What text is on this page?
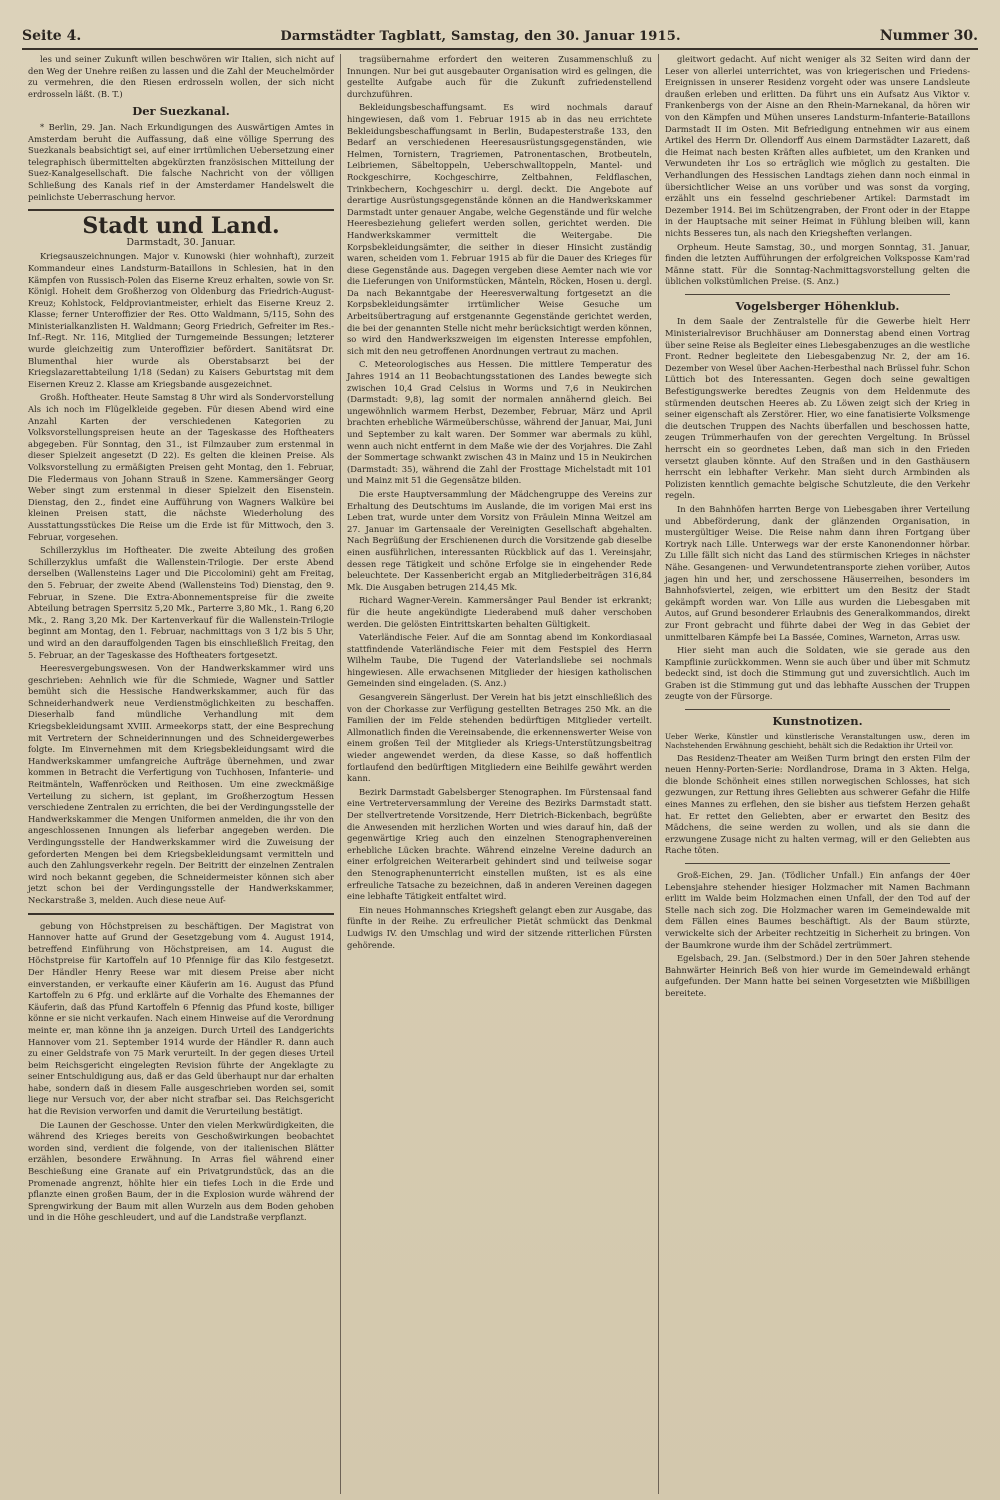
Seite 4.	Darmstädter Tagblatt, Samstag, den 30. Januar 1915.	Nummer 30.

les und seiner Zukunft willen beschwören wir Italien, sich nicht auf den Weg der Unehre reißen zu lassen und die Zahl der Meuchelmörder zu vermehren, die den Riesen erdrosseln wollen, der sich nicht erdrosseln läßt. (B. T.)

Der Suezkanal.

* Berlin, 29. Jan. Nach Erkundigungen des Auswärtigen Amtes in Amsterdam beruht die Auffassung, daß eine völlige Sperrung des Suezkanals beabsichtigt sei, auf einer irrtümlichen Uebersetzung einer telegraphisch übermittelten abgekürzten französischen Mitteilung der Suez-Kanalgesellschaft. Die falsche Nachricht von der völligen Schließung des Kanals rief in der Amsterdamer Handelswelt die peinlichste Ueberraschung hervor.

Stadt und Land.
Darmstadt, 30. Januar.

Kriegsauszeichnungen. Major v. Kunowski (hier wohnhaft), zurzeit Kommandeur eines Landsturm-Bataillons in Schlesien, hat in den Kämpfen von Russisch-Polen das Eiserne Kreuz erhalten, sowie von Sr. Königl. Hoheit dem Großherzog von Oldenburg das Friedrich-August-Kreuz; Kohlstock, Feldproviantmeister, erhielt das Eiserne Kreuz 2. Klasse; ferner Unteroffizier der Res. Otto Waldmann, 5/115, Sohn des Ministerialkanzlisten H. Waldmann; Georg Friedrich, Gefreiter im Res.-Inf.-Regt. Nr. 116, Mitglied der Turngemeinde Bessungen; letzterer wurde gleichzeitig zum Unteroffizier befördert. Sanitätsrat Dr. Blumenthal hier wurde als Oberstabsarzt bei der Kriegslazarettabteilung 1/18 (Sedan) zu Kaisers Geburtstag mit dem Eisernen Kreuz 2. Klasse am Kriegsbande ausgezeichnet.

Großh. Hoftheater. Heute Samstag 8 Uhr wird als Sondervorstellung Als ich noch im Flügelkleide gegeben. Für diesen Abend wird eine Anzahl Karten der verschiedenen Kategorien zu Volksvorstellungspreisen heute an der Tageskasse des Hoftheaters abgegeben. Für Sonntag, den 31., ist Filmzauber zum erstenmal in dieser Spielzeit angesetzt (D 22). Es gelten die kleinen Preise. Als Volksvorstellung zu ermäßigten Preisen geht Montag, den 1. Februar, Die Fledermaus von Johann Strauß in Szene. Kammersänger Georg Weber singt zum erstenmal in dieser Spielzeit den Eisenstein. Dienstag, den 2., findet eine Aufführung von Wagners Walküre bei kleinen Preisen statt, die nächste Wiederholung des Ausstattungsstückes Die Reise um die Erde ist für Mittwoch, den 3. Februar, vorgesehen.

Schillerzyklus im Hoftheater. Die zweite Abteilung des großen Schillerzyklus umfaßt die Wallenstein-Trilogie. Der erste Abend derselben (Wallensteins Lager und Die Piccolomini) geht am Freitag, den 5. Februar, der zweite Abend (Wallensteins Tod) Dienstag, den 9. Februar, in Szene. Die Extra-Abonnementspreise für die zweite Abteilung betragen Sperrsitz 5,20 Mk., Parterre 3,80 Mk., 1. Rang 6,20 Mk., 2. Rang 3,20 Mk. Der Kartenverkauf für die Wallenstein-Trilogie beginnt am Montag, den 1. Februar, nachmittags von 3 1/2 bis 5 Uhr, und wird an den darauffolgenden Tagen bis einschließlich Freitag, den 5. Februar, an der Tageskasse des Hoftheaters fortgesetzt.

Heeresvergebungswesen. Von der Handwerkskammer wird uns geschrieben: Aehnlich wie für die Schmiede, Wagner und Sattler bemüht sich die Hessische Handwerkskammer, auch für das Schneiderhandwerk neue Verdienstmöglichkeiten zu beschaffen. Dieserhalb fand mündliche Verhandlung mit dem Kriegsbekleidungsamt XVIII. Armeekorps statt, der eine Besprechung mit Vertretern der Schneiderinnungen und des Schneidergewerbes folgte. Im Einvernehmen mit dem Kriegsbekleidungsamt wird die Handwerkskammer umfangreiche Aufträge übernehmen, und zwar kommen in Betracht die Verfertigung von Tuchhosen, Infanterie- und Reitmänteln, Waffenröcken und Reithosen. Um eine zweckmäßige Verteilung zu sichern, ist geplant, im Großherzogtum Hessen verschiedene Zentralen zu errichten, die bei der Verdingungsstelle der Handwerkskammer die Mengen Uniformen anmelden, die ihr von den angeschlossenen Innungen als lieferbar angegeben werden. Die Verdingungsstelle der Handwerkskammer wird die Zuweisung der geforderten Mengen bei dem Kriegsbekleidungsamt vermitteln und auch den Zahlungsverkehr regeln. Der Beitritt der einzelnen Zentralen wird noch bekannt gegeben, die Schneidermeister können sich aber jetzt schon bei der Verdingungsstelle der Handwerkskammer, Neckarstraße 3, melden. Auch diese neue Auf-

gebung von Höchstpreisen zu beschäftigen. Der Magistrat von Hannover hatte auf Grund der Gesetzgebung vom 4. August 1914, betreffend Einführung von Höchstpreisen, am 14. August die Höchstpreise für Kartoffeln auf 10 Pfennige für das Kilo festgesetzt. Der Händler Henry Reese war mit diesem Preise aber nicht einverstanden, er verkaufte einer Käuferin am 16. August das Pfund Kartoffeln zu 6 Pfg. und erklärte auf die Vorhalte des Ehemannes der Käuferin, daß das Pfund Kartoffeln 6 Pfennig das Pfund koste, billiger könne er sie nicht verkaufen. Nach einem Hinweise auf die Verordnung meinte er, man könne ihn ja anzeigen. Durch Urteil des Landgerichts Hannover vom 21. September 1914 wurde der Händler R. dann auch zu einer Geldstrafe von 75 Mark verurteilt. In der gegen dieses Urteil beim Reichsgericht eingelegten Revision führte der Angeklagte zu seiner Entschuldigung aus, daß er das Geld überhaupt nur dar erhalten habe, sondern daß in diesem Falle ausgeschrieben worden sei, somit liege nur Versuch vor, der aber nicht strafbar sei. Das Reichsgericht hat die Revision verworfen und damit die Verurteilung bestätigt.

Die Launen der Geschosse. Unter den vielen Merkwürdigkeiten, die während des Krieges bereits von Geschoßwirkungen beobachtet worden sind, verdient die folgende, von der italienischen Blätter erzählen, besondere Erwähnung. In Arras fiel während einer Beschießung eine Granate auf ein Privatgrundstück, das an die Promenade angrenzt, höhlte hier ein tiefes Loch in die Erde und pflanzte einen großen Baum, der in die Explosion wurde während der Sprengwirkung der Baum mit allen Wurzeln aus dem Boden gehoben und in die Höhe geschleudert, und auf die Landstraße verpflanzt.

tragsübernahme erfordert den weiteren Zusammenschluß zu Innungen. Nur bei gut ausgebauter Organisation wird es gelingen, die gestellte Aufgabe auch für die Zukunft zufriedenstellend durchzuführen.

Bekleidungsbeschaffungsamt. Es wird nochmals darauf hingewiesen, daß vom 1. Februar 1915 ab in das neu errichtete Bekleidungsbeschaffungsamt in Berlin, Budapesterstraße 133, den Bedarf an verschiedenen Heeresausrüstungsgegenständen, wie Helmen, Tornistern, Tragriemen, Patronentaschen, Brotbeuteln, Leibriemen, Säbeltoppeln, Ueberschwalltoppeln, Mantel- und Rockgeschirre, Kochgeschirre, Zeltbahnen, Feldflaschen, Trinkbechern, Kochgeschirr u. dergl. deckt. Die Angebote auf derartige Ausrüstungsgegenstände können an die Handwerkskammer Darmstadt unter genauer Angabe, welche Gegenstände und für welche Heeresbeziehung geliefert werden sollen, gerichtet werden. Die Handwerkskammer vermittelt die Weitergabe. Die Korpsbekleidungsämter, die seither in dieser Hinsicht zuständig waren, scheiden vom 1. Februar 1915 ab für die Dauer des Krieges für diese Gegenstände aus. Dagegen vergeben diese Aemter nach wie vor die Lieferungen von Uniformstücken, Mänteln, Röcken, Hosen u. dergl. Da nach Bekanntgabe der Heeresverwaltung fortgesetzt an die Korpsbekleidungsämter irrtümlicher Weise Gesuche um Arbeitsübertragung auf erstgenannte Gegenstände gerichtet werden, die bei der genannten Stelle nicht mehr berücksichtigt werden können, so wird den Handwerkszweigen im eigensten Interesse empfohlen, sich mit den neu getroffenen Anordnungen vertraut zu machen.

C. Meteorologisches aus Hessen. Die mittlere Temperatur des Jahres 1914 an 11 Beobachtungsstationen des Landes bewegte sich zwischen 10,4 Grad Celsius in Worms und 7,6 in Neukirchen (Darmstadt: 9,8), lag somit der normalen annähernd gleich. Bei ungewöhnlich warmem Herbst, Dezember, Februar, März und April brachten erhebliche Wärmeüberschüsse, während der Januar, Mai, Juni und September zu kalt waren. Der Sommer war abermals zu kühl, wenn auch nicht entfernt in dem Maße wie der des Vorjahres. Die Zahl der Sommertage schwankt zwischen 43 in Mainz und 15 in Neukirchen (Darmstadt: 35), während die Zahl der Frosttage Michelstadt mit 101 und Mainz mit 51 die Gegensätze bilden.

Die erste Hauptversammlung der Mädchengruppe des Vereins zur Erhaltung des Deutschtums im Auslande, die im vorigen Mai erst ins Leben trat, wurde unter dem Vorsitz von Fräulein Minna Weitzel am 27. Januar im Gartensaale der Vereinigten Gesellschaft abgehalten. Nach Begrüßung der Erschienenen durch die Vorsitzende gab dieselbe einen ausführlichen, interessanten Rückblick auf das 1. Vereinsjahr, dessen rege Tätigkeit und schöne Erfolge sie in eingehender Rede beleuchtete. Der Kassenbericht ergab an Mitgliederbeiträgen 316,84 Mk. Die Ausgaben betrugen 214,45 Mk.

Richard Wagner-Verein. Kammersänger Paul Bender ist erkrankt; für die heute angekündigte Liederabend muß daher verschoben werden. Die gelösten Eintrittskarten behalten Gültigkeit.

Vaterländische Feier. Auf die am Sonntag abend im Konkordiasaal stattfindende Vaterländische Feier mit dem Festspiel des Herrn Wilhelm Taube, Die Tugend der Vaterlandsliebe sei nochmals hingewiesen. Alle erwachsenen Mitglieder der hiesigen katholischen Gemeinden sind eingeladen. (S. Anz.)

Gesangverein Sängerlust. Der Verein hat bis jetzt einschließlich des von der Chorkasse zur Verfügung gestellten Betrages 250 Mk. an die Familien der im Felde stehenden bedürftigen Mitglieder verteilt. Allmonatlich finden die Vereinsabende, die erkennenswerter Weise von einem großen Teil der Mitglieder als Kriegs-Unterstützungsbeitrag wieder angewendet werden, da diese Kasse, so daß hoffentlich fortlaufend den bedürftigen Mitgliedern eine Beihilfe gewährt werden kann.

Bezirk Darmstadt Gabelsberger Stenographen. Im Fürstensaal fand eine Vertreterversammlung der Vereine des Bezirks Darmstadt statt. Der stellvertretende Vorsitzende, Herr Dietrich-Bickenbach, begrüßte die Anwesenden mit herzlichen Worten und wies darauf hin, daß der gegenwärtige Krieg auch den einzelnen Stenographenvereinen erhebliche Lücken brachte. Während einzelne Vereine dadurch an einer erfolgreichen Weiterarbeit gehindert sind und teilweise sogar den Stenographenunterricht einstellen mußten, ist es als eine erfreuliche Tatsache zu bezeichnen, daß in anderen Vereinen dagegen eine lebhafte Tätigkeit entfaltet wird.

Ein neues Hohmannsches Kriegsheft gelangt eben zur Ausgabe, das fünfte in der Reihe. Zu erfreulicher Pietät schmückt das Denkmal Ludwigs IV. den Umschlag und wird der sitzende ritterlichen Fürsten gehörende.

gleitwort gedacht. Auf nicht weniger als 32 Seiten wird dann der Leser von allerlei unterrichtet, was von kriegerischen und Friedens-Ereignissen in unserer Residenz vorgeht oder was unsere Landsleute draußen erleben und erlitten. Da führt uns ein Aufsatz Aus Viktor v. Frankenbergs von der Aisne an den Rhein-Marnekanal, da hören wir von den Kämpfen und Mühen unseres Landsturm-Infanterie-Bataillons Darmstadt II im Osten. Mit Befriedigung entnehmen wir aus einem Artikel des Herrn Dr. Ollendorff Aus einem Darmstädter Lazarett, daß die Heimat nach besten Kräften alles aufbietet, um den Kranken und Verwundeten ihr Los so erträglich wie möglich zu gestalten. Die Verhandlungen des Hessischen Landtags ziehen dann noch einmal in übersichtlicher Weise an uns vorüber und was sonst da vorging, erzählt uns ein fesselnd geschriebener Artikel: Darmstadt im Dezember 1914. Bei im Schützengraben, der Front oder in der Etappe in der Hauptsache mit seiner Heimat in Fühlung bleiben will, kann nichts Besseres tun, als nach den Kriegsheften verlangen.

Orpheum. Heute Samstag, 30., und morgen Sonntag, 31. Januar, finden die letzten Aufführungen der erfolgreichen Volksposse Kam'rad Männe statt. Für die Sonntag-Nachmittagsvorstellung gelten die üblichen volkstümlichen Preise. (S. Anz.)

Vogelsberger Höhenklub.

In dem Saale der Zentralstelle für die Gewerbe hielt Herr Ministerialrevisor Bruchhäuser am Donnerstag abend einen Vortrag über seine Reise als Begleiter eines Liebesgabenzuges an die westliche Front. Redner begleitete den Liebesgabenzug Nr. 2, der am 16. Dezember von Wesel über Aachen-Herbesthal nach Brüssel fuhr. Schon Lüttich bot des Interessanten. Gegen doch seine gewaltigen Befestigungswerke beredtes Zeugnis von dem Heldenmute des stürmenden deutschen Heeres ab. Zu Löwen zeigt sich der Krieg in seiner eigenschaft als Zerstörer. Hier, wo eine fanatisierte Volksmenge die deutschen Truppen des Nachts überfallen und beschossen hatte, zeugen Trümmerhaufen von der gerechten Vergeltung. In Brüssel herrscht ein so geordnetes Leben, daß man sich in den Frieden versetzt glauben könnte. Auf den Straßen und in den Gasthäusern herrscht ein lebhafter Verkehr. Man sieht durch Armbinden als Polizisten kenntlich gemachte belgische Schutzleute, die den Verkehr regeln.

In den Bahnhöfen harrten Berge von Liebesgaben ihrer Verteilung und Abbeförderung, dank der glänzenden Organisation, in mustergültiger Weise. Die Reise nahm dann ihren Fortgang über Kortryk nach Lille. Unterwegs war der erste Kanonendonner hörbar. Zu Lille fällt sich nicht das Land des stürmischen Krieges in nächster Nähe. Gesangenen- und Verwundetentransporte ziehen vorüber, Autos jagen hin und her, und zerschossene Häuserreihen, besonders im Bahnhofsviertel, zeigen, wie erbittert um den Besitz der Stadt gekämpft worden war. Von Lille aus wurden die Liebesgaben mit Autos, auf Grund besonderer Erlaubnis des Generalkommandos, direkt zur Front gebracht und führte dabei der Weg in das Gebiet der unmittelbaren Kämpfe bei La Bassée, Comines, Warneton, Arras usw.

Hier sieht man auch die Soldaten, wie sie gerade aus den Kampflinie zurückkommen. Wenn sie auch über und über mit Schmutz bedeckt sind, ist doch die Stimmung gut und zuversichtlich. Auch im Graben ist die Stimmung gut und das lebhafte Ausschen der Truppen zeugte von der Fürsorge.

Kunstnotizen.

Ueber Werke, Künstler und künstlerische Veranstaltungen usw., deren im Nachstehenden Erwähnung geschieht, behält sich die Redaktion ihr Urteil vor.

Das Residenz-Theater am Weißen Turm bringt den ersten Film der neuen Henny-Porten-Serie: Nordlandrose, Drama in 3 Akten. Helga, die blonde Schönheit eines stillen norwegischen Schlosses, hat sich gezwungen, zur Rettung ihres Geliebten aus schwerer Gefahr die Hilfe eines Mannes zu erflehen, den sie bisher aus tiefstem Herzen gehaßt hat. Er rettet den Geliebten, aber er erwartet den Besitz des Mädchens, die seine werden zu wollen, und als sie dann die erzwungene Zusage nicht zu halten vermag, will er den Geliebten aus Rache töten.

Groß-Eichen, 29. Jan. (Tödlicher Unfall.) Ein anfangs der 40er Lebensjahre stehender hiesiger Holzmacher mit Namen Bachmann erlitt im Walde beim Holzmachen einen Unfall, der den Tod auf der Stelle nach sich zog. Die Holzmacher waren im Gemeindewalde mit dem Fällen eines Baumes beschäftigt. Als der Baum stürzte, verwickelte sich der Arbeiter rechtzeitig in Sicherheit zu bringen. Von der Baumkrone wurde ihm der Schädel zertrümmert.

Egelsbach, 29. Jan. (Selbstmord.) Der in den 50er Jahren stehende Bahnwärter Heinrich Beß von hier wurde im Gemeindewald erhängt aufgefunden. Der Mann hatte bei seinen Vorgesetzten wie Mißbilligen bereitete.
